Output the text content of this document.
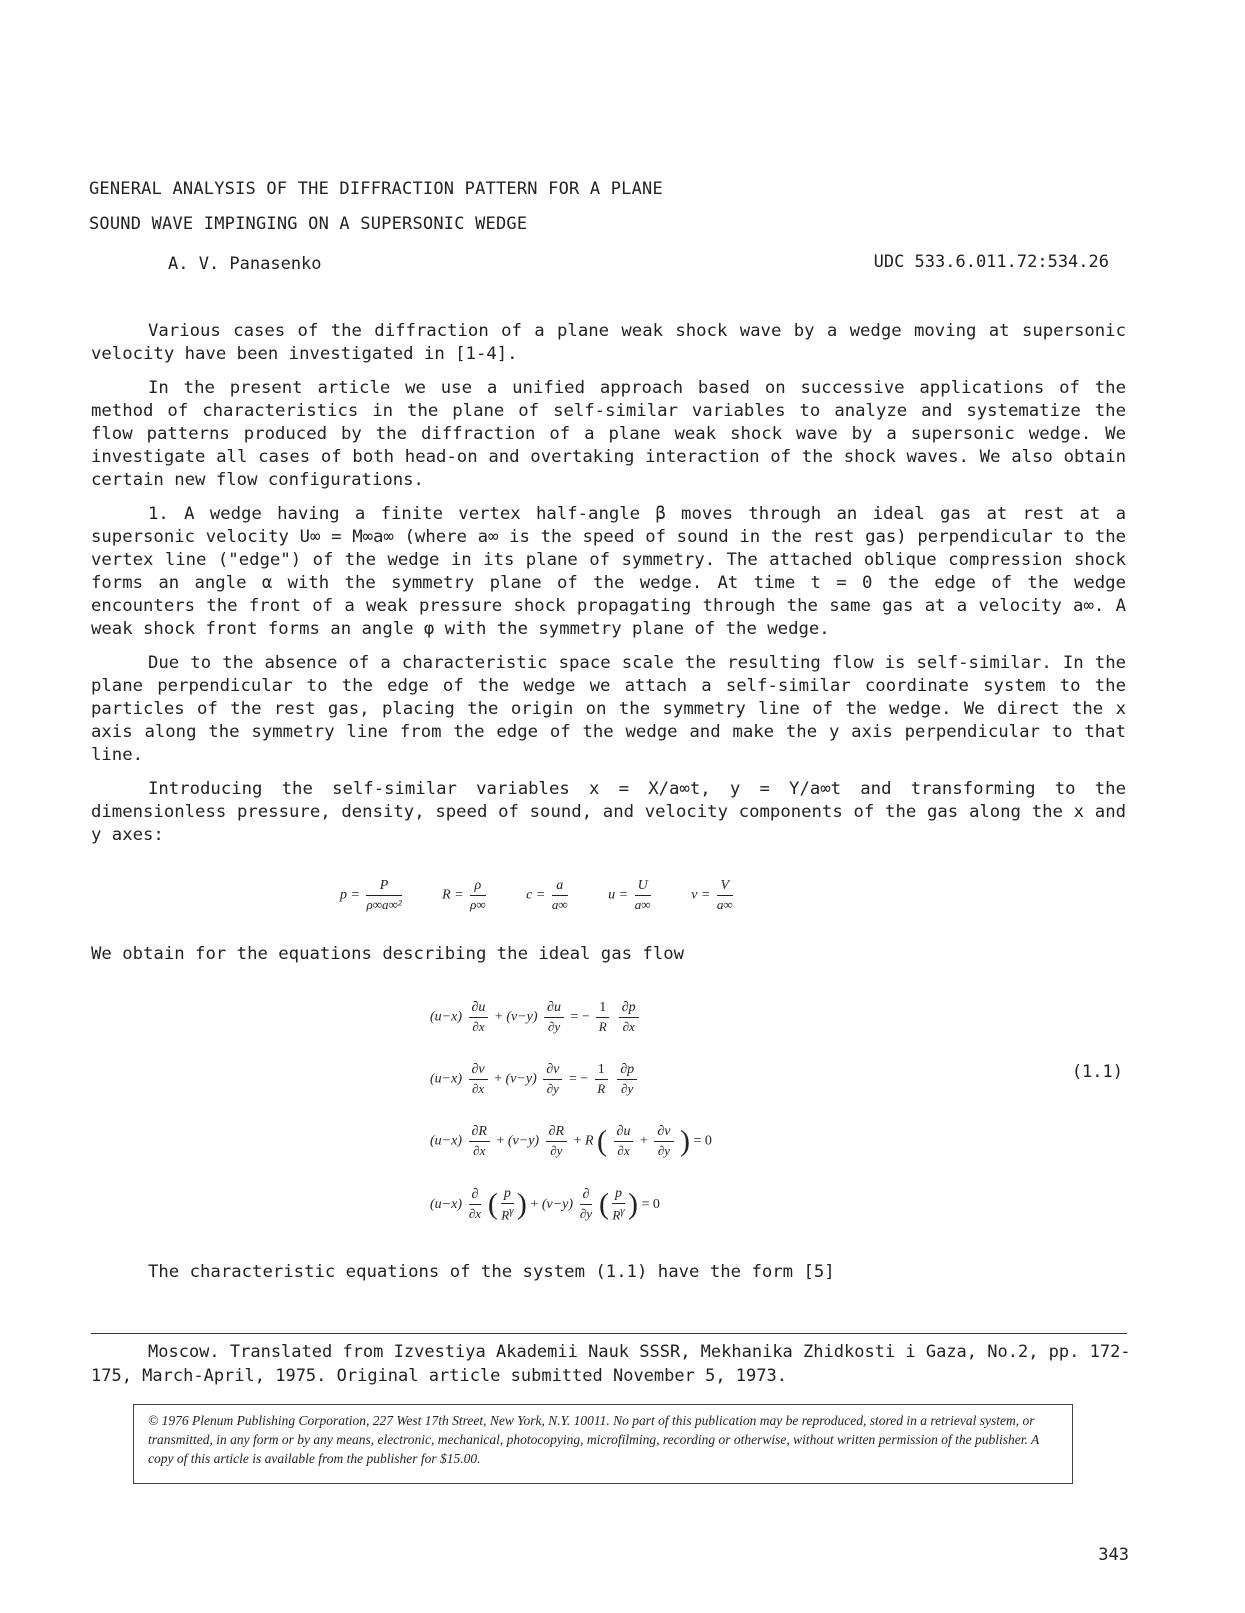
GENERAL ANALYSIS OF THE DIFFRACTION PATTERN FOR A PLANE
SOUND WAVE IMPINGING ON A SUPERSONIC WEDGE
A. V. Panasenko	UDC 533.6.011.72:534.26

Various cases of the diffraction of a plane weak shock wave by a wedge moving at supersonic velocity have been investigated in [1-4].

In the present article we use a unified approach based on successive applications of the method of characteristics in the plane of self-similar variables to analyze and systematize the flow patterns produced by the diffraction of a plane weak shock wave by a supersonic wedge. We investigate all cases of both head-on and overtaking interaction of the shock waves. We also obtain certain new flow configurations.

1. A wedge having a finite vertex half-angle β moves through an ideal gas at rest at a supersonic velocity U∞ = M∞a∞ (where a∞ is the speed of sound in the rest gas) perpendicular to the vertex line ("edge") of the wedge in its plane of symmetry. The attached oblique compression shock forms an angle α with the symmetry plane of the wedge. At time t = 0 the edge of the wedge encounters the front of a weak pressure shock propagating through the same gas at a velocity a∞. A weak shock front forms an angle φ with the symmetry plane of the wedge.

Due to the absence of a characteristic space scale the resulting flow is self-similar. In the plane perpendicular to the edge of the wedge we attach a self-similar coordinate system to the particles of the rest gas, placing the origin on the symmetry line of the wedge. We direct the x axis along the symmetry line from the edge of the wedge and make the y axis perpendicular to that line.

Introducing the self-similar variables x = X/a∞t, y = Y/a∞t and transforming to the dimensionless pressure, density, speed of sound, and velocity components of the gas along the x and y axes:

$p = \frac{P}{\text{ρ∞a∞²}}$	$R = \frac{\rho}{\rho\infty}$	$c = \frac{a}{a\infty}$	$u = \frac{U}{a\infty}$	$v = \frac{V}{a\infty}$
We obtain for the equations describing the ideal gas flow
$(u-x) \frac{\partial u}{\partial x} + (v-y) \frac{\partial u}{\partial y}$ = − $\frac{1}{R}$
$\frac{\partial p}{\partial x}$
$(u-x) \frac{\partial v}{\partial x} + (v-y) \frac{\partial v}{\partial y}$ = − $\frac{1}{R}$
$\frac{\partial p}{\partial y}$
$(u-x) \frac{\partial R}{\partial x} + (v-y) \frac{\partial R}{\partial y} + R$ ( $\frac{\partial u}{\partial x} + \frac{\partial v}{\partial y}$ ) = 0
$(u-x) \frac{\partial}{\partial x}$ ( $\frac{p}{R^\gamma}$ ) + $(v-y) \frac{\partial}{\partial y}$ ( $\frac{p}{R^\gamma}$ ) = 0
(1.1)
The characteristic equations of the system (1.1) have the form [5]

Moscow. Translated from Izvestiya Akademii Nauk SSSR, Mekhanika Zhidkosti i Gaza, No.2, pp. 172-175, March-April, 1975. Original article submitted November 5, 1973.

© 1976 Plenum Publishing Corporation, 227 West 17th Street, New York, N.Y. 10011. No part of this publication may be reproduced, stored in a retrieval system, or transmitted, in any form or by any means, electronic, mechanical, photocopying, microfilming, recording or otherwise, without written permission of the publisher. A copy of this article is available from the publisher for $15.00.
343
